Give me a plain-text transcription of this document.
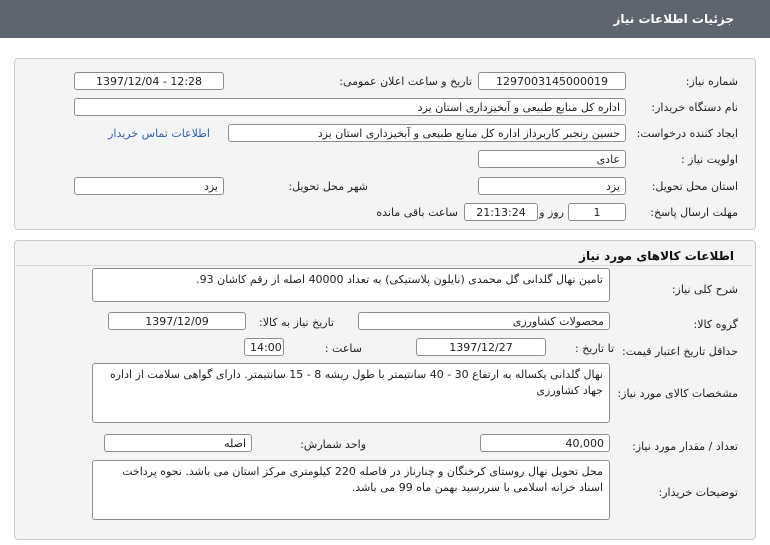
جزئیات اطلاعات نیاز
شماره نیاز:
1297003145000019
تاریخ و ساعت اعلان عمومی:
1397/12/04 - 12:28
نام دستگاه خریدار:
اداره کل منابع طبیعی و آبخیزداری استان یزد
ایجاد کننده درخواست:
حسین رنجبر کاربرداز اداره کل منابع طبیعی و آبخیزداری استان یزد
اطلاعات تماس خریدار
اولویت نیاز :
عادی
استان محل تحویل:
یزد
شهر محل تحویل:
یزد
مهلت ارسال پاسخ:
1
روز و
21:13:24
ساعت باقی مانده
اطلاعات کالاهای مورد نیاز
شرح کلی نیاز:
تامین نهال گلدانی گل محمدی (نایلون پلاستیکی) به تعداد 40000 اصله از رقم کاشان 93.
گروه کالا:
محصولات کشاورزی
تاریخ نیاز به کالا:
1397/12/09
حداقل تاریخ اعتبار قیمت:
تا تاریخ :
1397/12/27
ساعت :
14:00
مشخصات کالای مورد نیاز:
نهال گلدانی یکساله به ارتفاع 30 - 40 سانتیمتر با طول ریشه 8 - 15 سانتیمتر. دارای گواهی سلامت از اداره جهاد کشاورزی
تعداد / مقدار مورد نیاز:
40,000
واحد شمارش:
اصله
توضیحات خریدار:
محل تحویل نهال روستای کرخنگان و چنارناز در فاصله 220 کیلومتری مرکز استان می باشد. نحوه پرداخت اسناد خزانه اسلامی با سررسید بهمن ماه 99 می باشد.
